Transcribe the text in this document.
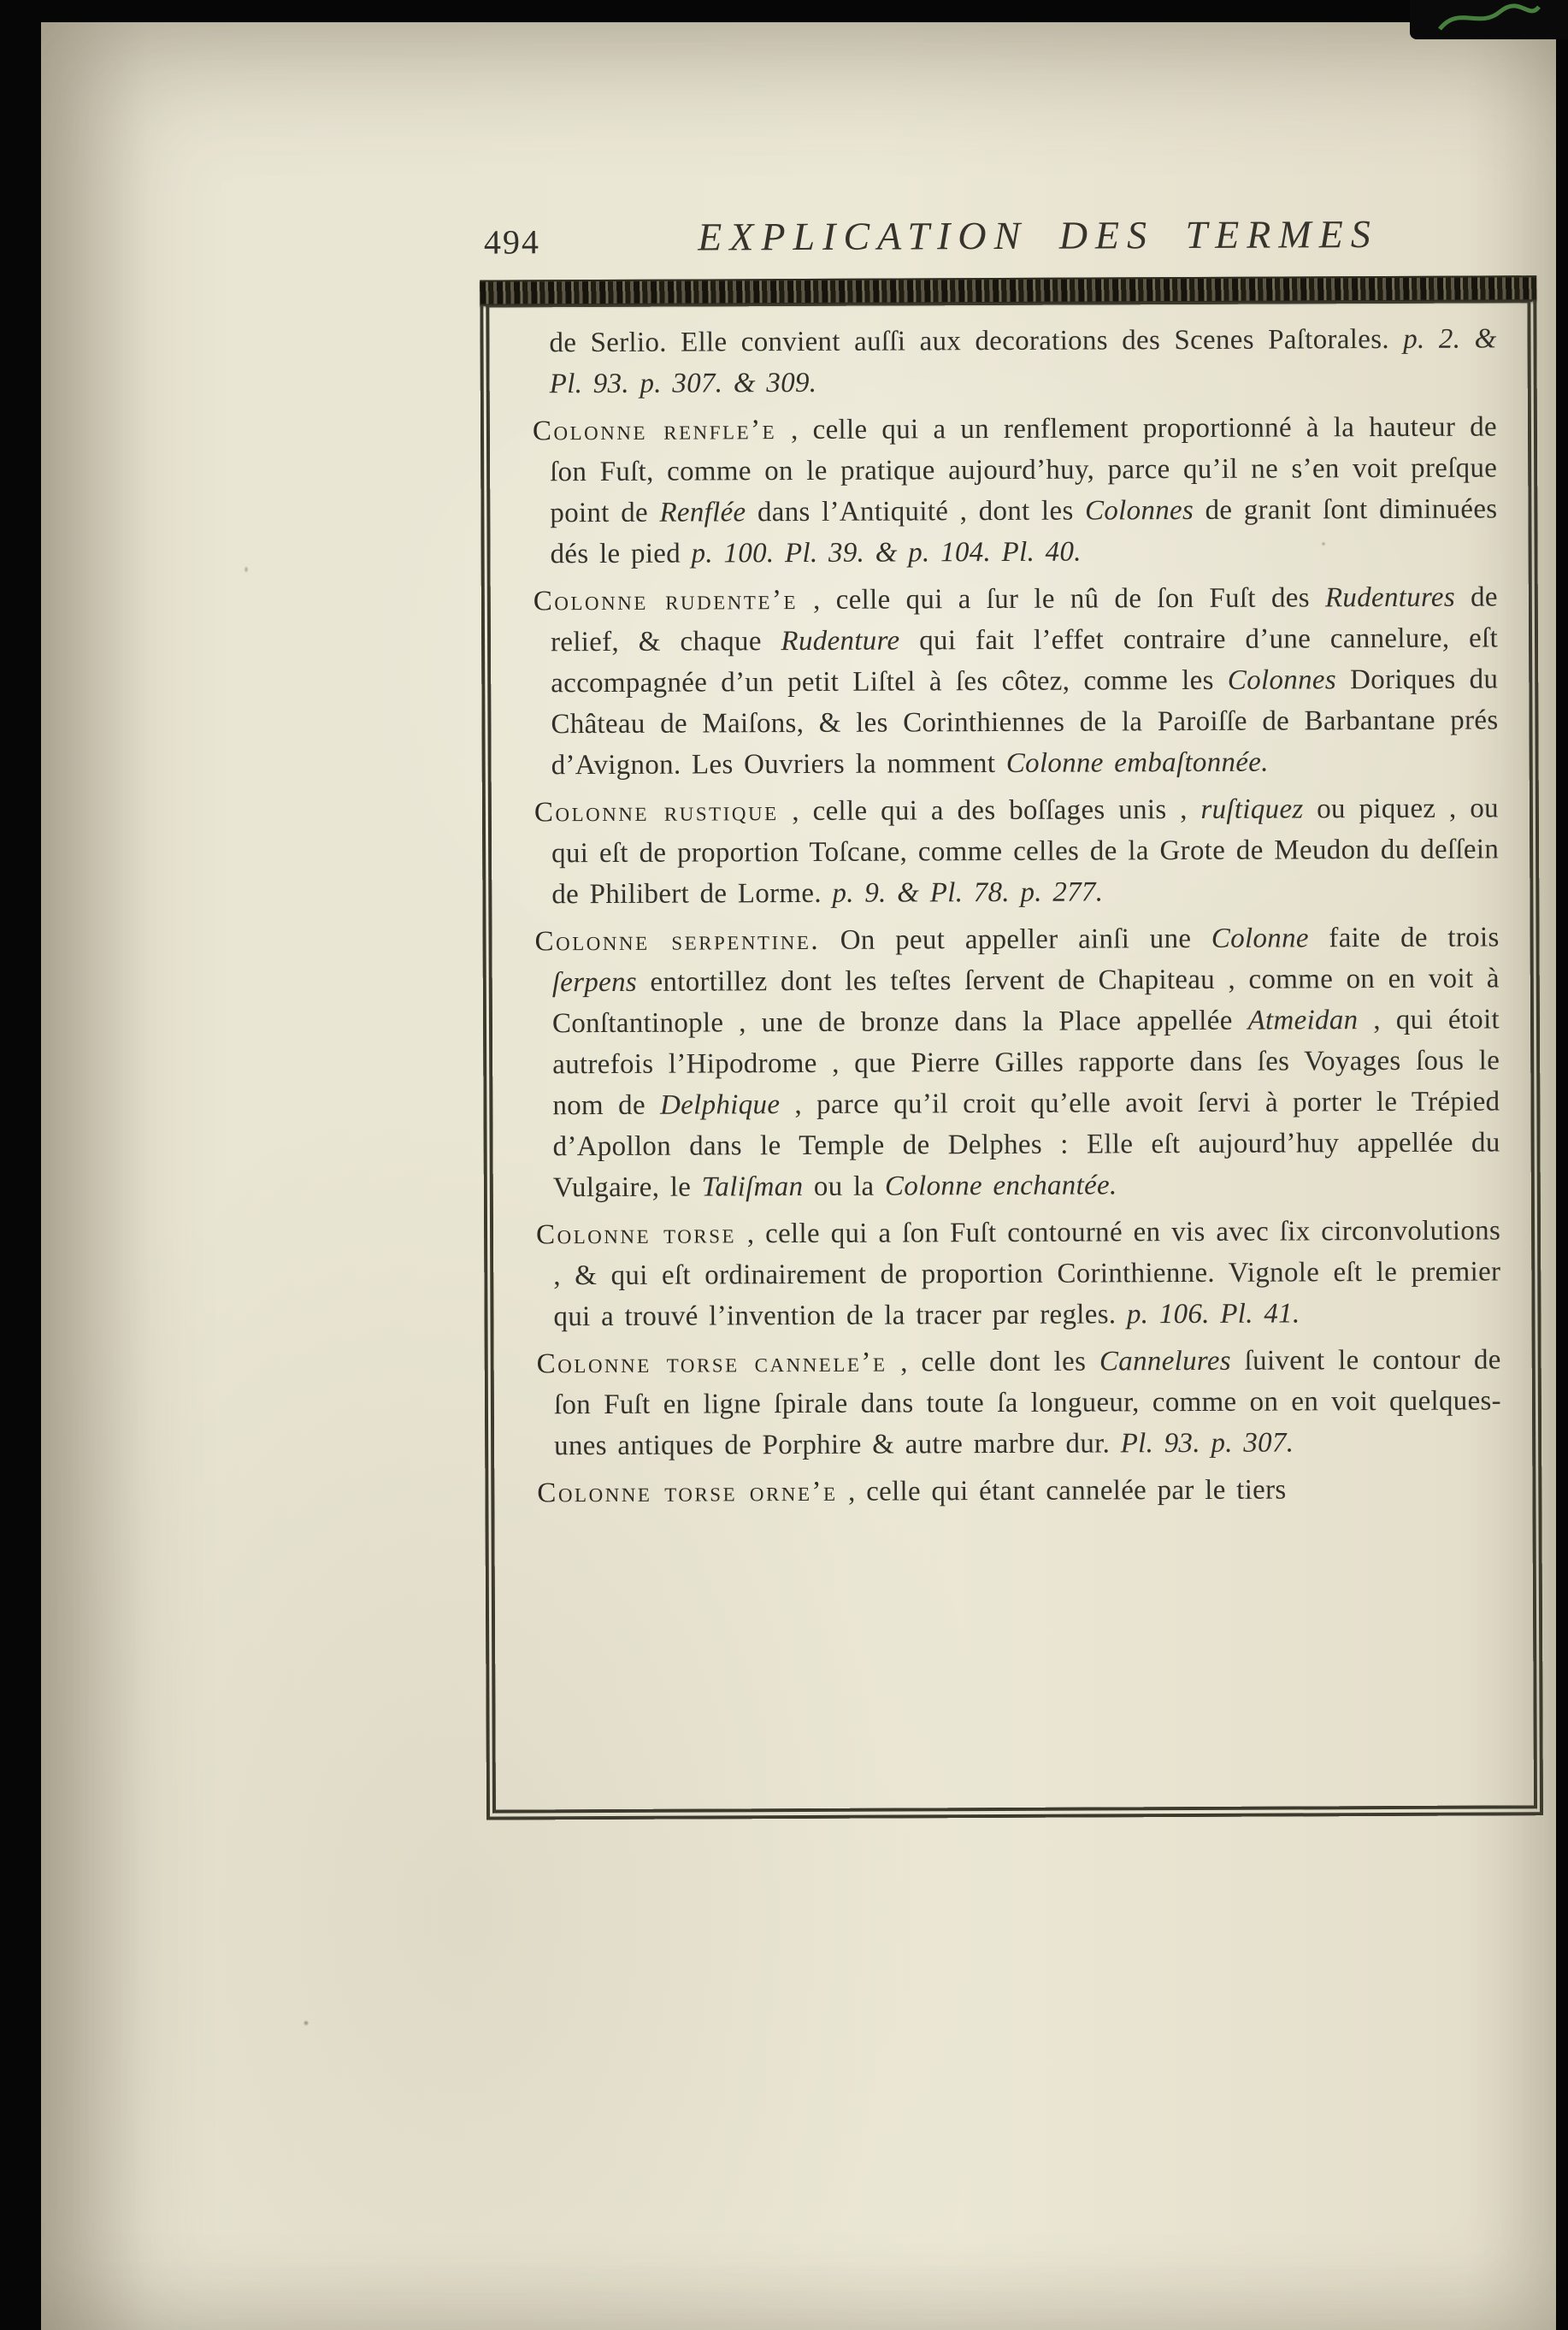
494	EXPLICATION DES TERMES

de Serlio. Elle convient auſſi aux decorations des Scenes Paſtorales. p. 2. & Pl. 93. p. 307. & 309.

Colonne renfle’e , celle qui a un renflement proportionné à la hauteur de ſon Fuſt, comme on le pratique aujourd’huy, parce qu’il ne s’en voit preſque point de Renflée dans l’Antiquité , dont les Colonnes de granit ſont diminuées dés le pied p. 100. Pl. 39. & p. 104. Pl. 40.

Colonne rudente’e , celle qui a ſur le nû de ſon Fuſt des Rudentures de relief, & chaque Rudenture qui fait l’effet contraire d’une cannelure, eſt accompagnée d’un petit Liſtel à ſes côtez, comme les Colonnes Doriques du Château de Maiſons, & les Corinthiennes de la Paroiſſe de Barbantane prés d’Avignon. Les Ouvriers la nomment Colonne embaſtonnée.

Colonne rustique , celle qui a des boſſages unis , ruſtiquez ou piquez , ou qui eſt de proportion Toſcane, comme celles de la Grote de Meudon du deſſein de Philibert de Lorme. p. 9. & Pl. 78. p. 277.

Colonne serpentine. On peut appeller ainſi une Colonne faite de trois ſerpens entortillez dont les teſtes ſervent de Chapiteau , comme on en voit à Conſtantinople , une de bronze dans la Place appellée Atmeidan , qui étoit autrefois l’Hipodrome , que Pierre Gilles rapporte dans ſes Voyages ſous le nom de Delphique , parce qu’il croit qu’elle avoit ſervi à porter le Trépied d’Apollon dans le Temple de Delphes : Elle eſt aujourd’huy appellée du Vulgaire, le Taliſman ou la Colonne enchantée.

Colonne torse , celle qui a ſon Fuſt contourné en vis avec ſix circonvolutions , & qui eſt ordinairement de proportion Corinthienne. Vignole eſt le premier qui a trouvé l’invention de la tracer par regles. p. 106. Pl. 41.

Colonne torse cannele’e , celle dont les Cannelures ſuivent le contour de ſon Fuſt en ligne ſpirale dans toute ſa longueur, comme on en voit quelques-unes antiques de Porphire & autre marbre dur. Pl. 93. p. 307.

Colonne torse orne’e , celle qui étant cannelée par le tiers
